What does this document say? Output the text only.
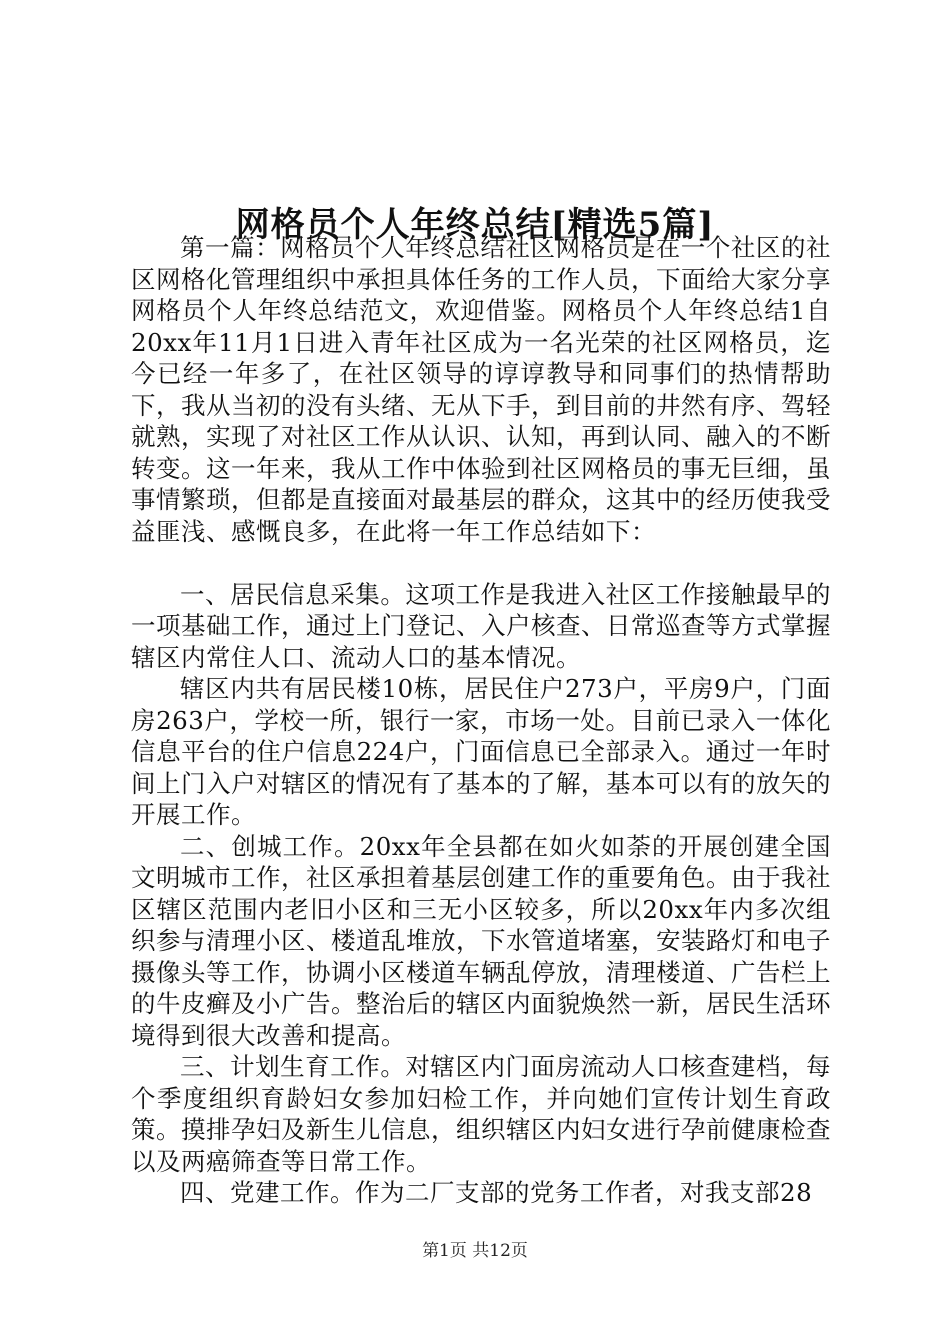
网格员个人年终总结[精选5篇]

第一篇：网格员个人年终总结社区网格员是在一个社区的社区网格化管理组织中承担具体任务的工作人员，下面给大家分享网格员个人年终总结范文，欢迎借鉴。网格员个人年终总结1自20xx年11月1日进入青年社区成为一名光荣的社区网格员，迄今已经一年多了，在社区领导的谆谆教导和同事们的热情帮助下，我从当初的没有头绪、无从下手，到目前的井然有序、驾轻就熟，实现了对社区工作从认识、认知，再到认同、融入的不断转变。这一年来，我从工作中体验到社区网格员的事无巨细，虽事情繁琐，但都是直接面对最基层的群众，这其中的经历使我受益匪浅、感慨良多，在此将一年工作总结如下：

一、居民信息采集。这项工作是我进入社区工作接触最早的一项基础工作，通过上门登记、入户核查、日常巡查等方式掌握辖区内常住人口、流动人口的基本情况。

辖区内共有居民楼10栋，居民住户273户，平房9户，门面房263户，学校一所，银行一家，市场一处。目前已录入一体化信息平台的住户信息224户，门面信息已全部录入。通过一年时间上门入户对辖区的情况有了基本的了解，基本可以有的放矢的开展工作。

二、创城工作。20xx年全县都在如火如荼的开展创建全国文明城市工作，社区承担着基层创建工作的重要角色。由于我社区辖区范围内老旧小区和三无小区较多，所以20xx年内多次组织参与清理小区、楼道乱堆放，下水管道堵塞，安装路灯和电子摄像头等工作，协调小区楼道车辆乱停放，清理楼道、广告栏上的牛皮癣及小广告。整治后的辖区内面貌焕然一新，居民生活环境得到很大改善和提高。

三、计划生育工作。对辖区内门面房流动人口核查建档，每个季度组织育龄妇女参加妇检工作，并向她们宣传计划生育政策。摸排孕妇及新生儿信息，组织辖区内妇女进行孕前健康检查以及两癌筛查等日常工作。

四、党建工作。作为二厂支部的党务工作者，对我支部28

第1页 共12页
